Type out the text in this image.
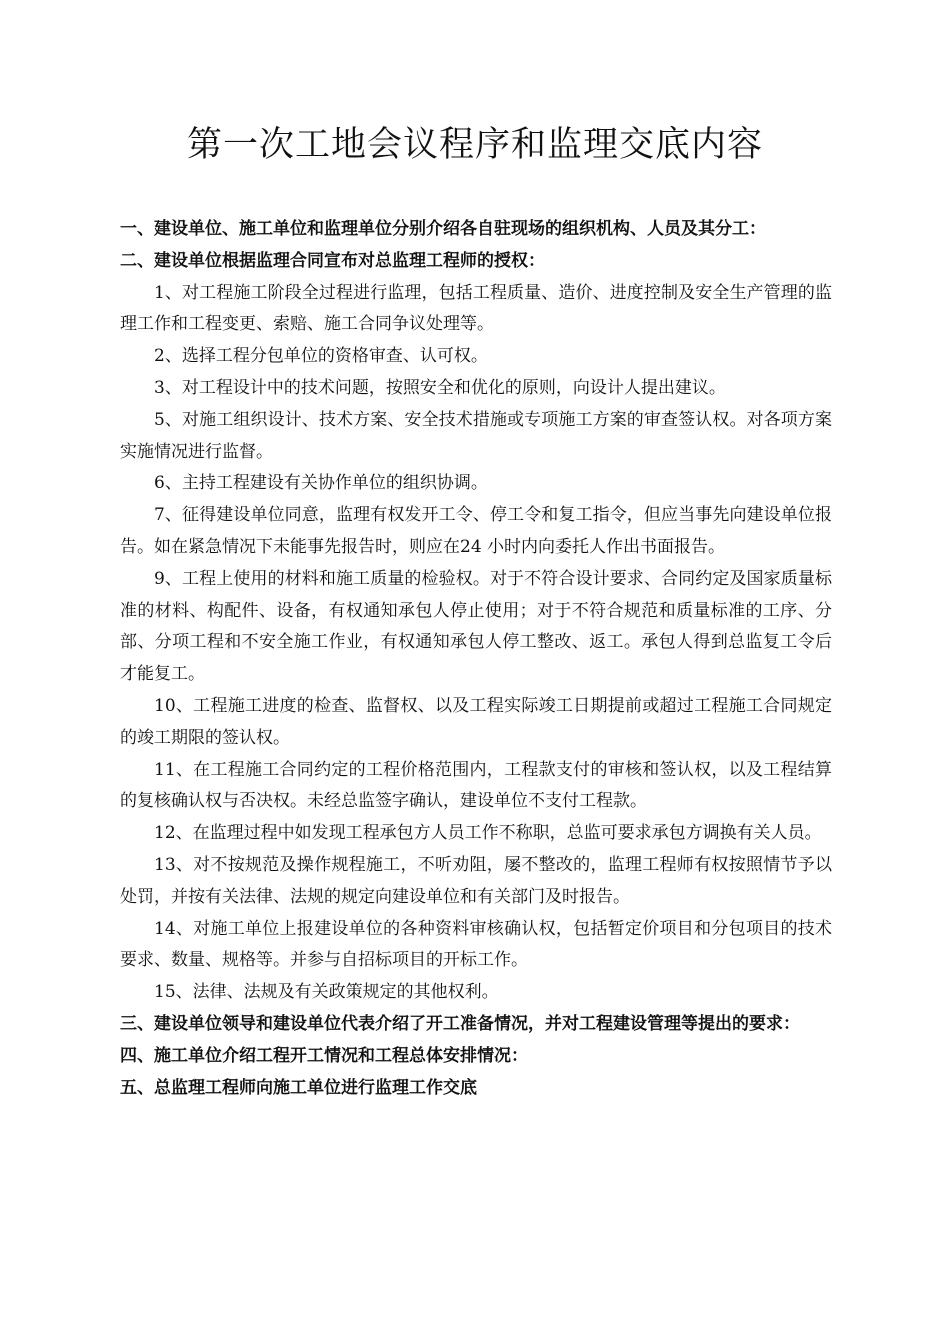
第一次工地会议程序和监理交底内容

一、建设单位、施工单位和监理单位分别介绍各自驻现场的组织机构、人员及其分工：

二、建设单位根据监理合同宣布对总监理工程师的授权：

1、对工程施工阶段全过程进行监理，包括工程质量、造价、进度控制及安全生产管理的监理工作和工程变更、索赔、施工合同争议处理等。

2、选择工程分包单位的资格审查、认可权。

3、对工程设计中的技术问题，按照安全和优化的原则，向设计人提出建议。

5、对施工组织设计、技术方案、安全技术措施或专项施工方案的审查签认权。对各项方案实施情况进行监督。

6、主持工程建设有关协作单位的组织协调。

7、征得建设单位同意，监理有权发开工令、停工令和复工指令，但应当事先向建设单位报告。如在紧急情况下未能事先报告时，则应在24 小时内向委托人作出书面报告。

9、工程上使用的材料和施工质量的检验权。对于不符合设计要求、合同约定及国家质量标准的材料、构配件、设备，有权通知承包人停止使用；对于不符合规范和质量标准的工序、分部、分项工程和不安全施工作业，有权通知承包人停工整改、返工。承包人得到总监复工令后才能复工。

10、工程施工进度的检查、监督权、以及工程实际竣工日期提前或超过工程施工合同规定的竣工期限的签认权。

11、在工程施工合同约定的工程价格范围内，工程款支付的审核和签认权，以及工程结算的复核确认权与否决权。未经总监签字确认，建设单位不支付工程款。

12、在监理过程中如发现工程承包方人员工作不称职，总监可要求承包方调换有关人员。

13、对不按规范及操作规程施工，不听劝阻，屡不整改的，监理工程师有权按照情节予以处罚，并按有关法律、法规的规定向建设单位和有关部门及时报告。

14、对施工单位上报建设单位的各种资料审核确认权，包括暂定价项目和分包项目的技术要求、数量、规格等。并参与自招标项目的开标工作。

15、法律、法规及有关政策规定的其他权利。

三、建设单位领导和建设单位代表介绍了开工准备情况，并对工程建设管理等提出的要求：

四、施工单位介绍工程开工情况和工程总体安排情况：

五、总监理工程师向施工单位进行监理工作交底
